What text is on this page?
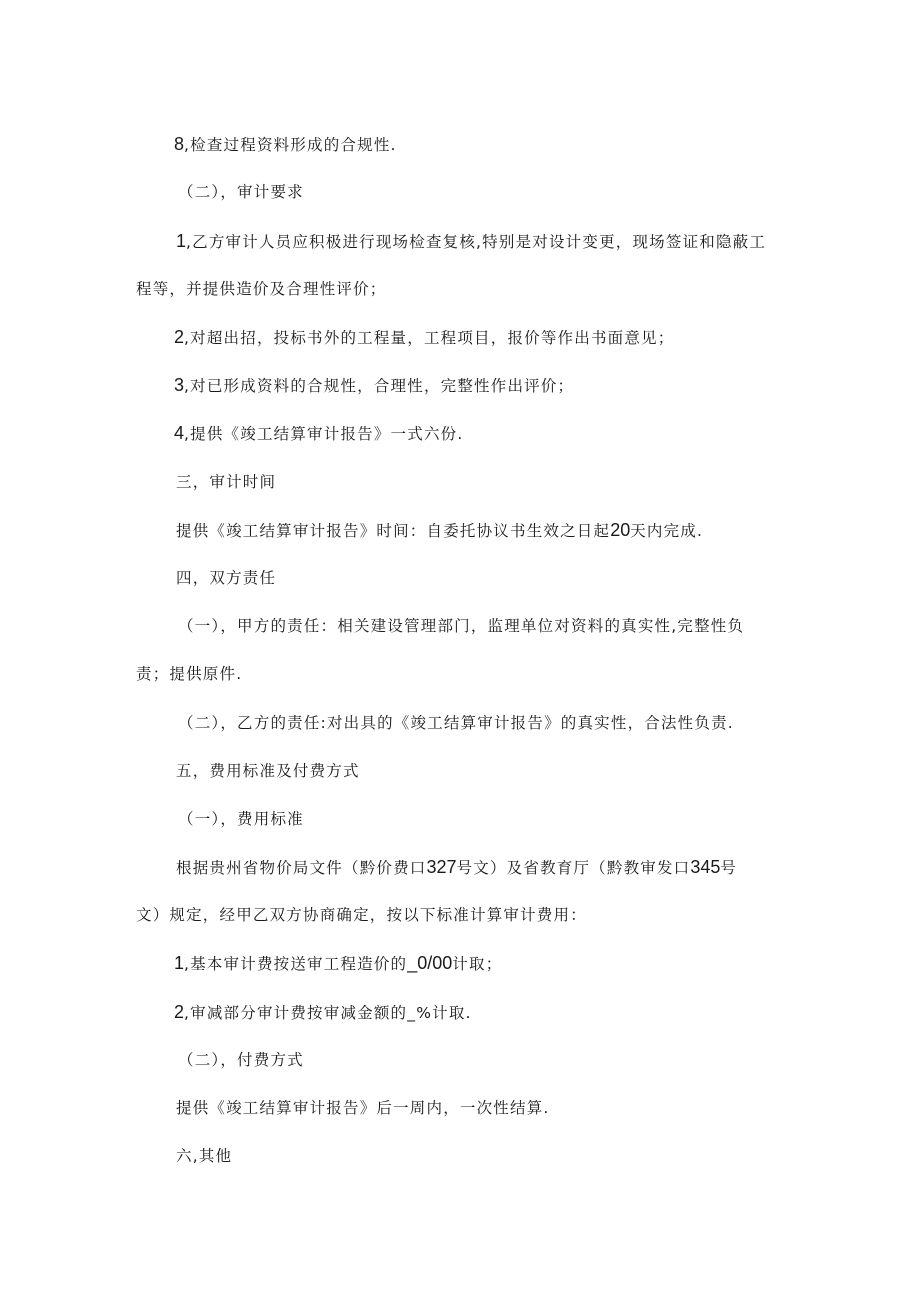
8,检查过程资料形成的合规性.
（二），审计要求
1,乙方审计人员应积极进行现场检查复核,特别是对设计变更，现场签证和隐蔽工
程等，并提供造价及合理性评价；
2,对超出招，投标书外的工程量，工程项目，报价等作出书面意见；
3,对已形成资料的合规性，合理性，完整性作出评价；
4,提供《竣工结算审计报告》一式六份.
三，审计时间
提供《竣工结算审计报告》时间：自委托协议书生效之日起20天内完成.
四，双方责任
（一），甲方的责任：相关建设管理部门，监理单位对资料的真实性,完整性负
责；提供原件.
（二），乙方的责任:对出具的《竣工结算审计报告》的真实性，合法性负责.
五，费用标准及付费方式
（一），费用标准
根据贵州省物价局文件（黔价费口327号文）及省教育厅（黔教审发口345号
文）规定，经甲乙双方协商确定，按以下标准计算审计费用：
1,基本审计费按送审工程造价的_0/00计取；
2,审减部分审计费按审减金额的_%计取.
（二），付费方式
提供《竣工结算审计报告》后一周内，一次性结算.
六,其他
